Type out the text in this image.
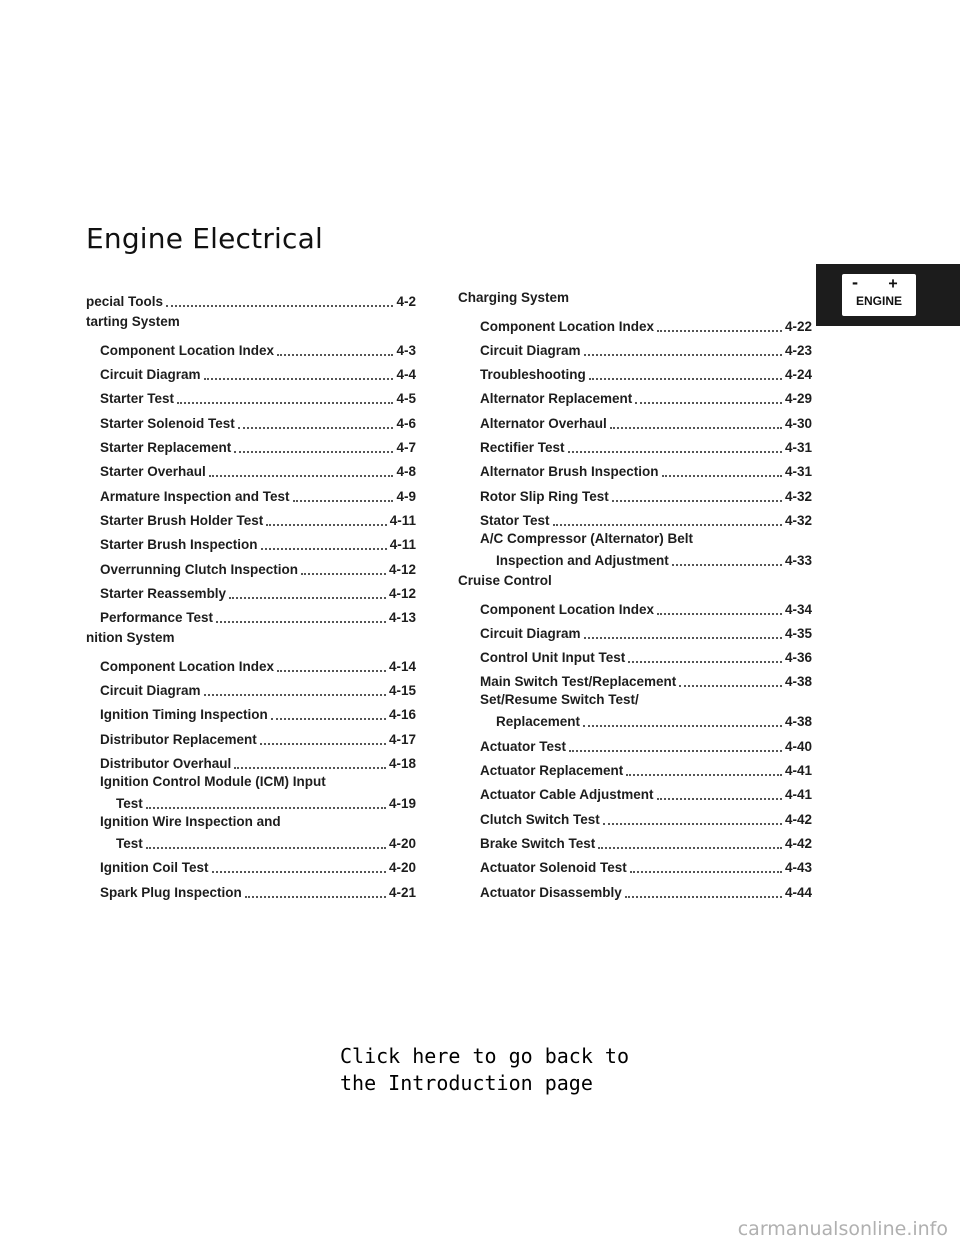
Engine Electrical
- +
ENGINE
pecial Tools	4-2
tarting System
Component Location Index	4-3
Circuit Diagram	4-4
Starter Test	4-5
Starter Solenoid Test	4-6
Starter Replacement	4-7
Starter Overhaul	4-8
Armature Inspection and Test	4-9
Starter Brush Holder Test	4-11
Starter Brush Inspection	4-11
Overrunning Clutch Inspection	4-12
Starter Reassembly	4-12
Performance Test	4-13
nition System
Component Location Index	4-14
Circuit Diagram	4-15
Ignition Timing Inspection	4-16
Distributor Replacement	4-17
Distributor Overhaul	4-18
Ignition Control Module (ICM) Input
Test	4-19
Ignition Wire Inspection and
Test	4-20
Ignition Coil Test	4-20
Spark Plug Inspection	4-21
Charging System
Component Location Index	4-22
Circuit Diagram	4-23
Troubleshooting	4-24
Alternator Replacement	4-29
Alternator Overhaul	4-30
Rectifier Test	4-31
Alternator Brush Inspection	4-31
Rotor Slip Ring Test	4-32
Stator Test	4-32
A/C Compressor (Alternator) Belt
Inspection and Adjustment	4-33
Cruise Control
Component Location Index	4-34
Circuit Diagram	4-35
Control Unit Input Test	4-36
Main Switch Test/Replacement	4-38
Set/Resume Switch Test/
Replacement	4-38
Actuator Test	4-40
Actuator Replacement	4-41
Actuator Cable Adjustment	4-41
Clutch Switch Test	4-42
Brake Switch Test	4-42
Actuator Solenoid Test	4-43
Actuator Disassembly	4-44
Click here to go back to
the Introduction page
carmanualsonline.info
